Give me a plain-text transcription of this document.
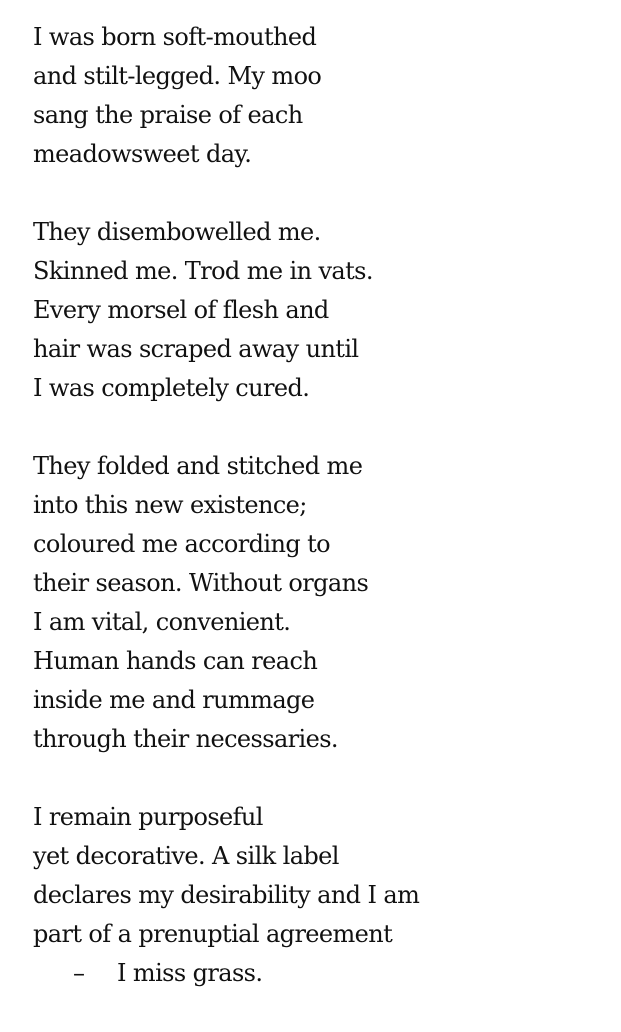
I was born soft-mouthed
and stilt-legged. My moo
sang the praise of each
meadowsweet day.
They disembowelled me.
Skinned me. Trod me in vats.
Every morsel of flesh and
hair was scraped away until
I was completely cured.
They folded and stitched me
into this new existence;
coloured me according to
their season. Without organs
I am vital, convenient.
Human hands can reach
inside me and rummage
through their necessaries.
I remain purposeful
yet decorative. A silk label
declares my desirability and I am
part of a prenuptial agreement
– I miss grass.
